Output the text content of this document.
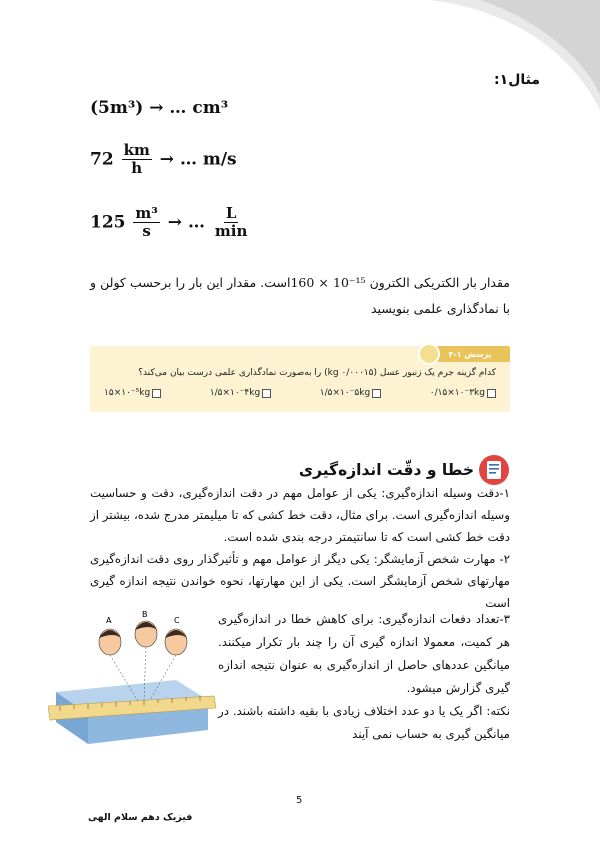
مثال۱:
(5m³) → … cm³
$72 \frac{km}{h}$ → … m/s
$125 \frac{\text{m³}}{s}$ → … $\frac{L}{\min}$
مقدار بار الکتریکی الکترون 160 × 10⁻¹⁵است. مقدار این بار را برحسب کولن و با نمادگذاری علمی بنویسید
پرسش ۱-۳
کدام گزینه جرم یک زنبور عسل (۰/۰۰۰۱۵ kg) را به‌صورت نمادگذاری علمی درست بیان می‌کند؟
۰/۱۵×۱۰⁻۳kg
۱/۵×۱۰⁻۵kg
۱/۵×۱۰⁻۴kg
۱۵×۱۰⁻⁵kg
خطا و دقّت اندازه‌گیری
۱-دقت وسیله اندازه‌گیری: یکی از عوامل مهم در دقت اندازه‌گیری، دقت و حساسیت وسیله اندازه‌گیری است. برای مثال، دقت خط کشی که تا میلیمتر مدرج شده، بیشتر از دقت خط کشی است که تا سانتیمتر درجه بندی شده است.
۲- مهارت شخص آزمایشگر: یکی دیگر از عوامل مهم و تأثیرگذار روی دقت اندازه‌گیری مهارتهای شخص آزمایشگر است. یکی از این مهارتها، نحوه خواندن نتیجه اندازه گیری است
۳-تعداد دفعات اندازه‌گیری: برای کاهش خطا در اندازه‌گیری هر کمیت، معمولا اندازه گیری آن را چند بار تکرار میکنند. میانگین عددهای حاصل از اندازه‌گیری به عنوان نتیجه اندازه گیری گزارش میشود.
نکته: اگر یک یا دو عدد اختلاف زیادی با بقیه داشته باشند. در میانگین گیری به حساب نمی آیند
A
B
C
5
فیزیک دهم سلام الهی
